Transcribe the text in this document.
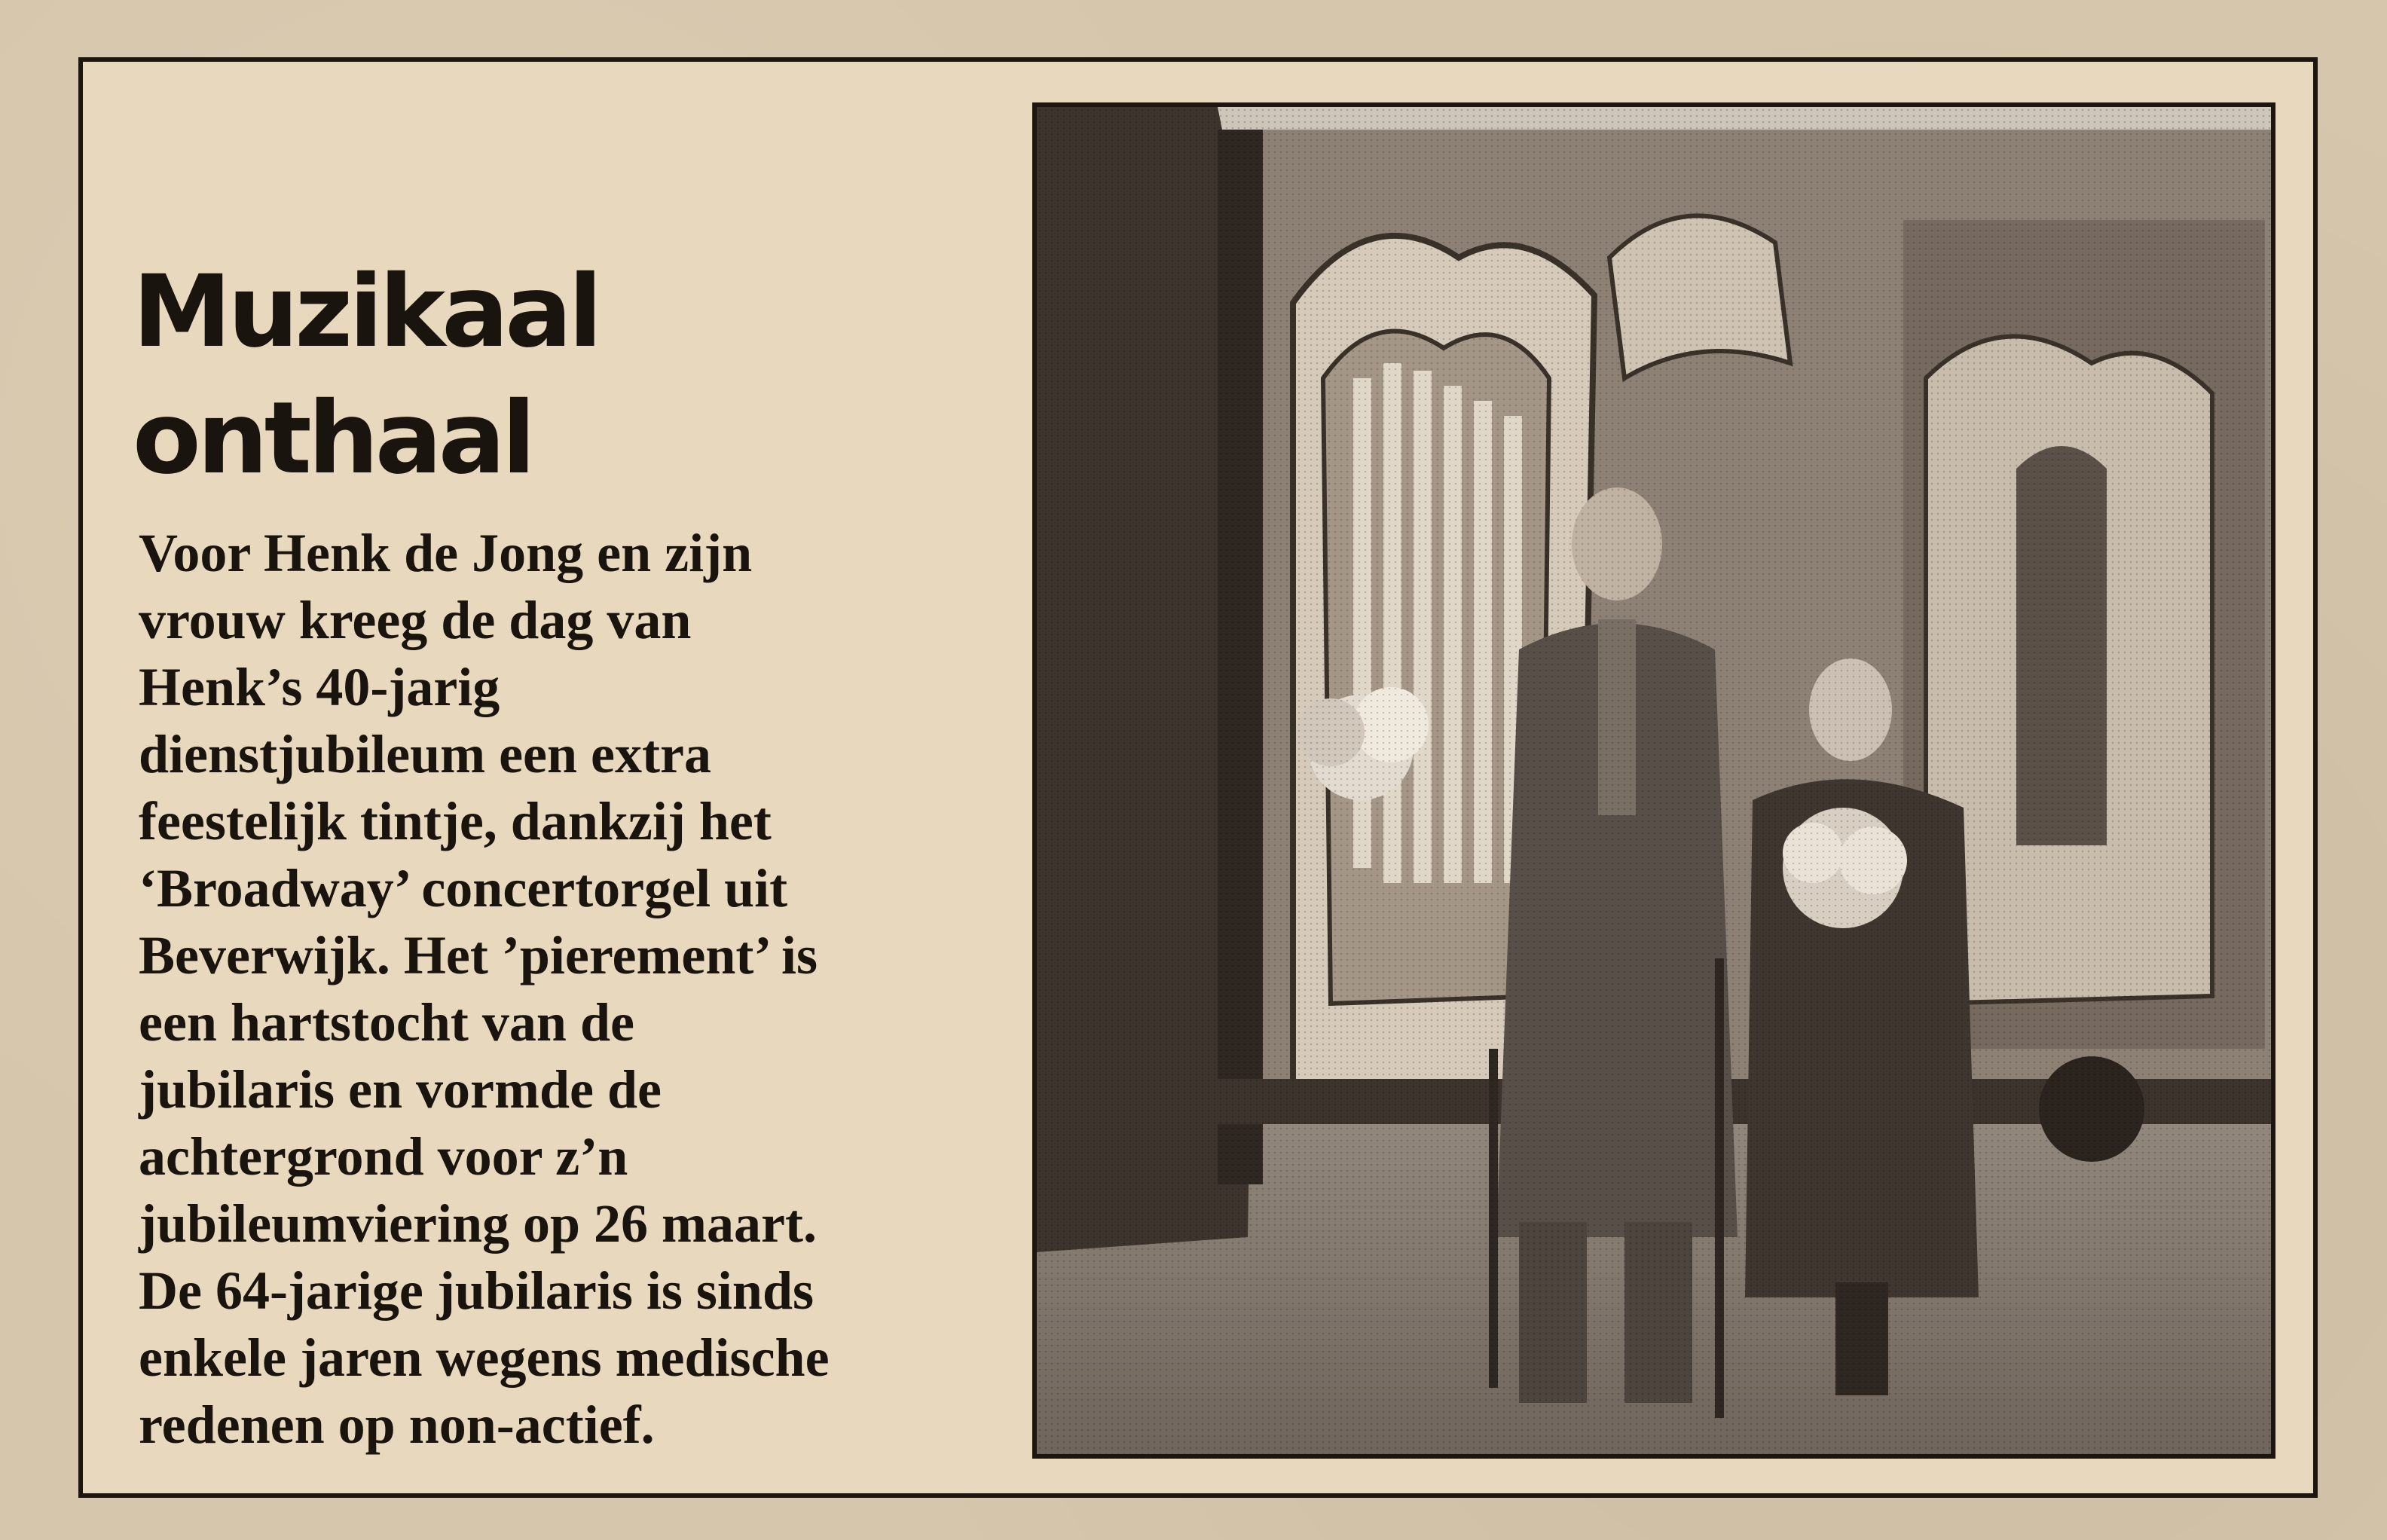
Muzikaal
onthaal
Voor Henk de Jong en zijn
vrouw kreeg de dag van
Henk’s 40-jarig
dienstjubileum een extra
feestelijk tintje, dankzij het
‘Broadway’ concertorgel uit
Beverwijk. Het ’pierement’ is
een hartstocht van de
jubilaris en vormde de
achtergrond voor z’n
jubileumviering op 26 maart.
De 64-jarige jubilaris is sinds
enkele jaren wegens medische
redenen op non-actief.
